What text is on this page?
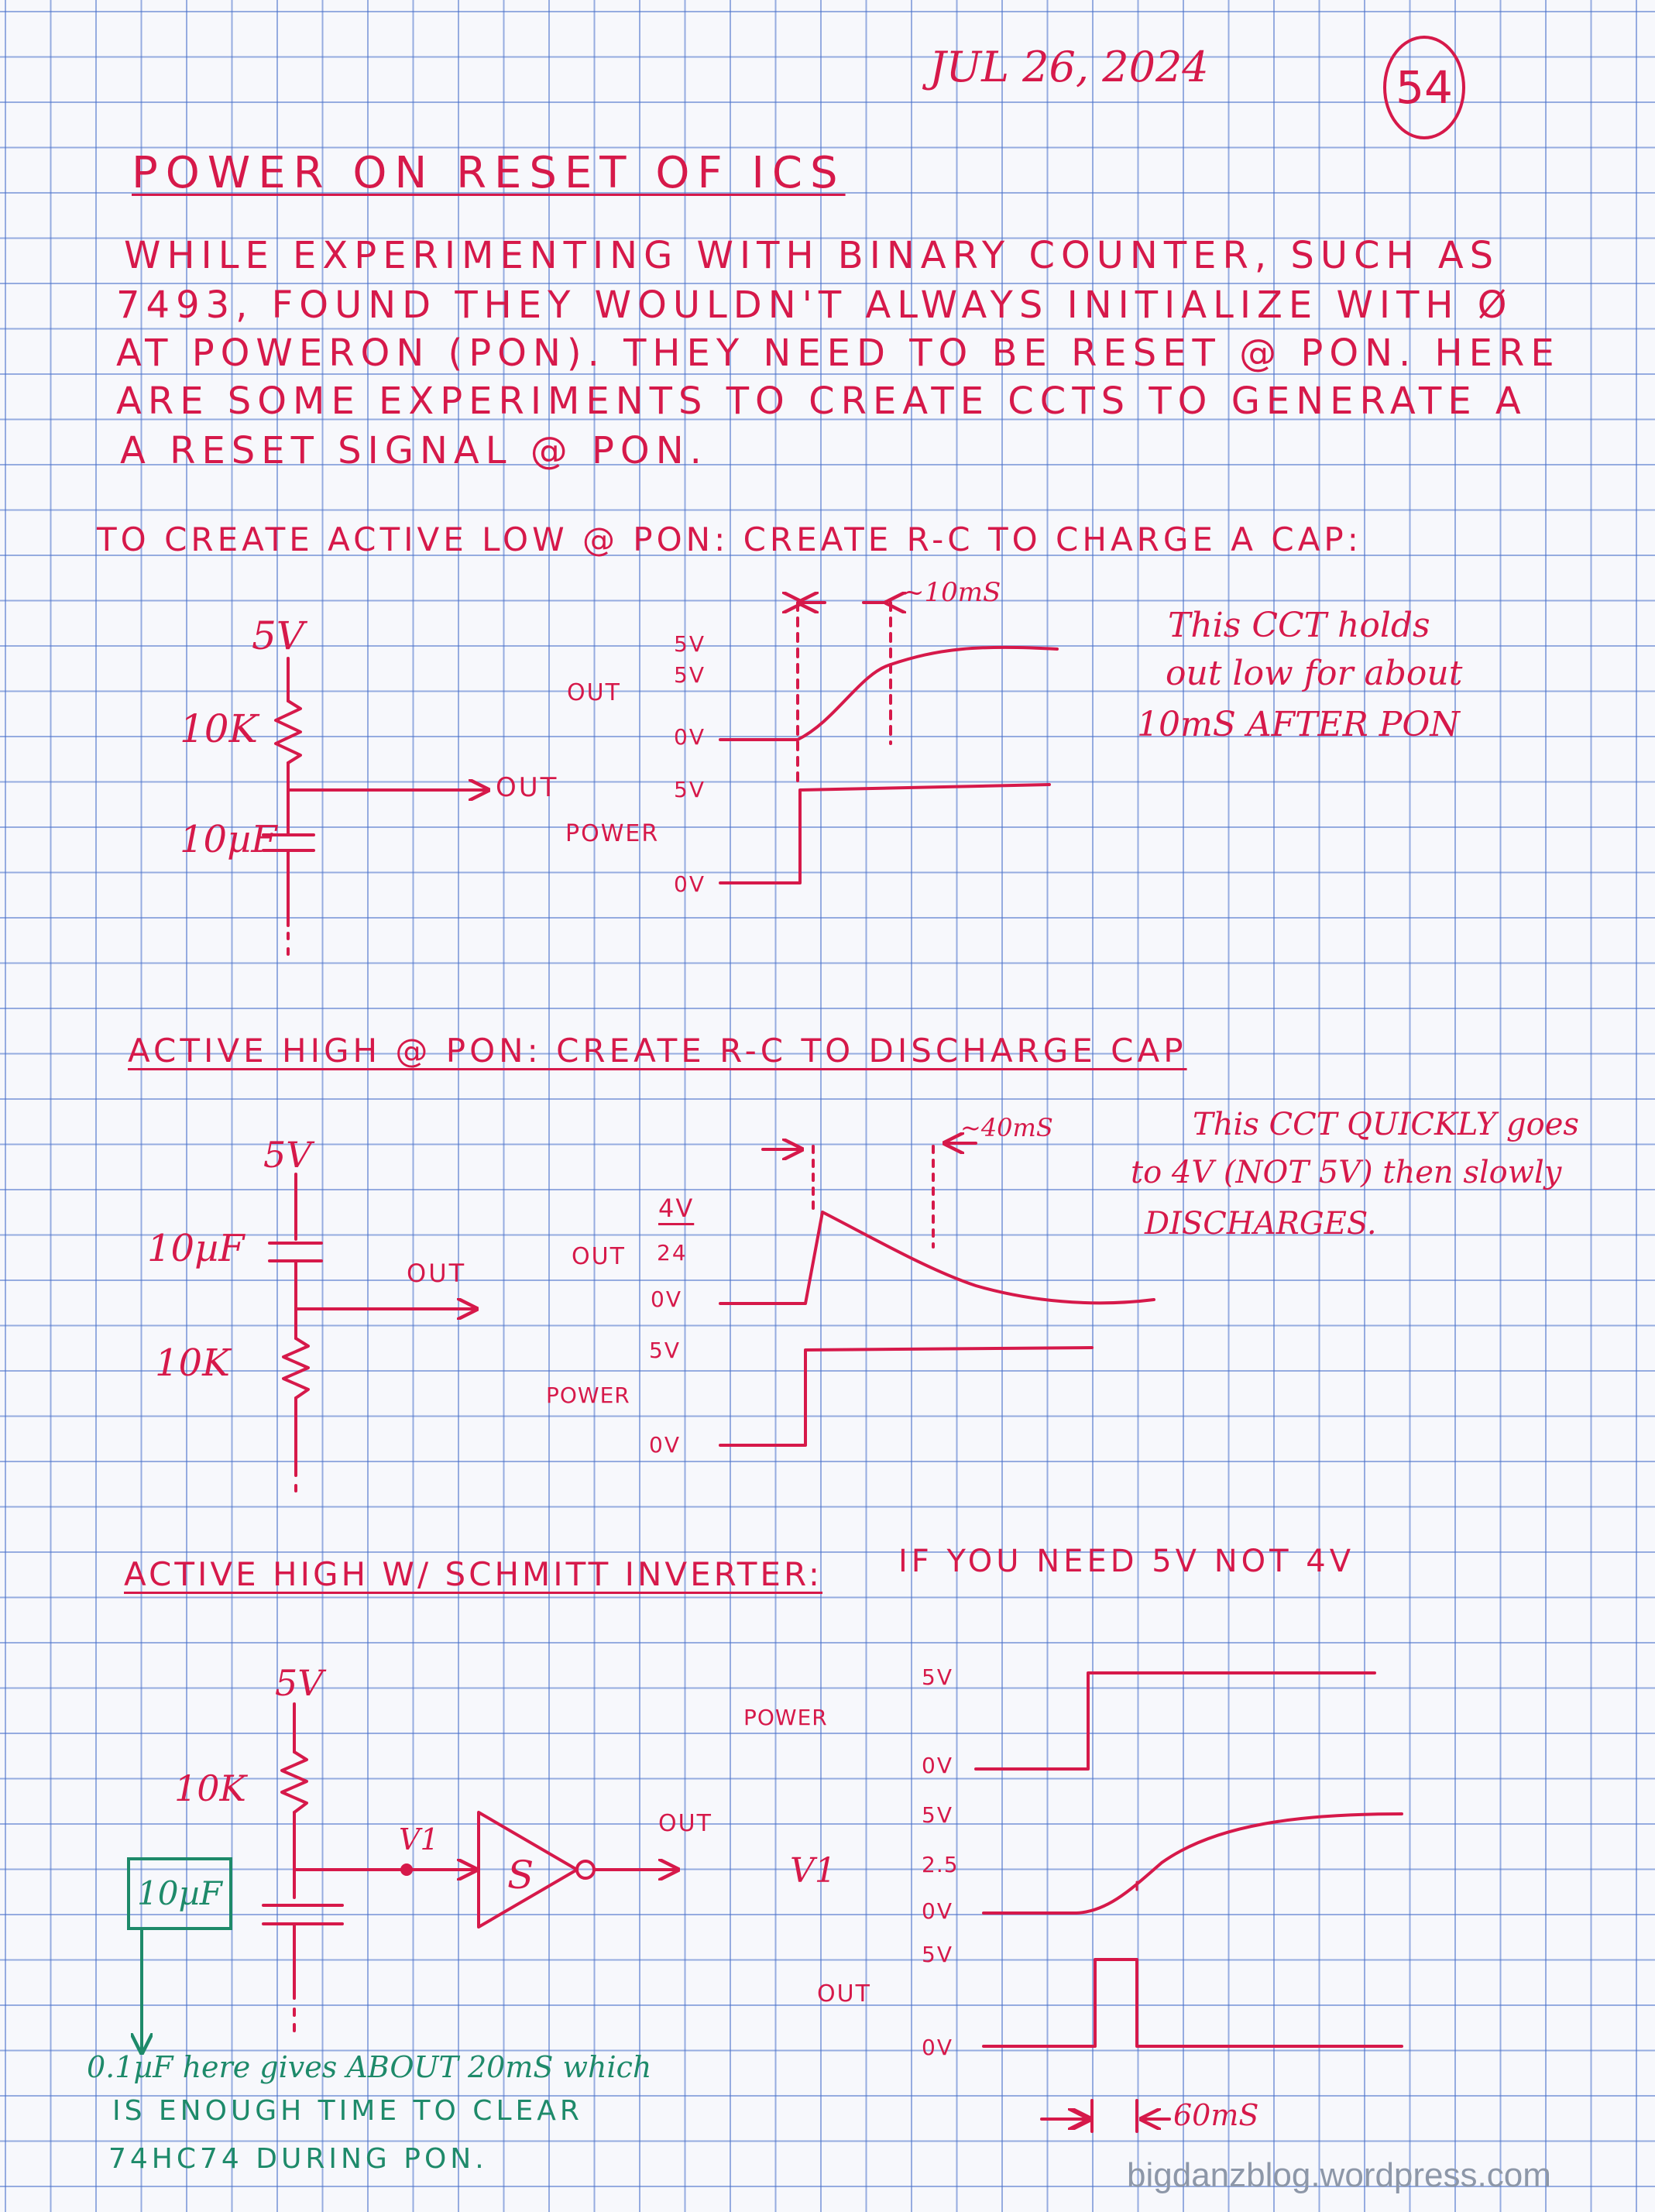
JUL 26, 2024	54
POWER ON RESET OF ICS
WHILE EXPERIMENTING WITH BINARY COUNTER, SUCH AS
7493, FOUND THEY WOULDN'T ALWAYS INITIALIZE WITH Ø
AT POWERON (PON). THEY NEED TO BE RESET @ PON. HERE
ARE SOME EXPERIMENTS TO CREATE CCTS TO GENERATE A
A RESET SIGNAL @ PON.
TO CREATE ACTIVE LOW @ PON: CREATE R-C TO CHARGE A CAP:
5V
10K
10µF
OUT
OUT
POWER
5V
5V
0V
5V
0V
~10mS
This CCT holds
out low for about
10mS AFTER PON
ACTIVE HIGH @ PON: CREATE R-C TO DISCHARGE CAP
5V
10µF
OUT
10K
OUT
POWER
4V
24
0V
5V
0V
~40mS	This CCT QUICKLY goes
to 4V (NOT 5V) then slowly
DISCHARGES.
ACTIVE HIGH W/ SCHMITT INVERTER: IF YOU NEED 5V NOT 4V
5V
10K
V1	OUT
S
10µF
POWER
V1
OUT
5V
0V
5V
2.5
0V
5V
0V
60mS
0.1µF here gives ABOUT 20mS which
IS ENOUGH TIME TO CLEAR
74HC74 DURING PON.	bigdanzblog.wordpress.com
